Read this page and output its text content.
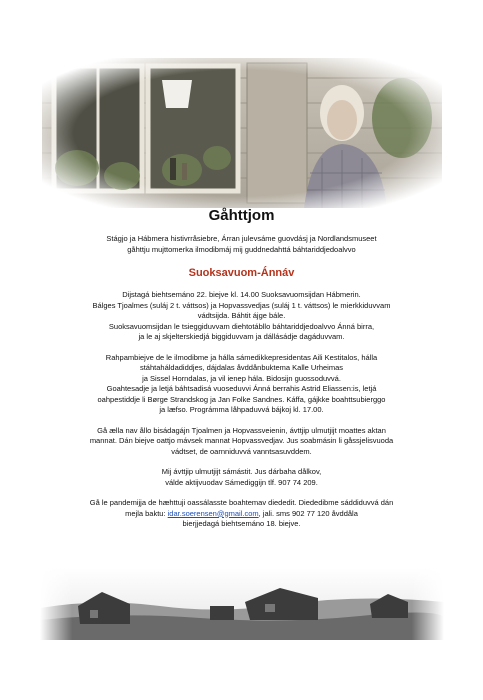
Gåhttjom

Stágjo ja Hábmera histivrråsiebre, Árran julevsáme guovdásj ja Nordlandsmuseet
gåhttju mujttomerka ilmodibmáj mij guddnedahttá báhtariddjedoalvvo

Suoksavuom-Ánnáv

Dijstagá biehtsemáno 22. biejve kl. 14.00 Suoksavuomsijdan Hábmerin.
Bálges Tjoalmes (suláj 2 t. váttsos) ja Hopvassvedjas (suláj 1 t. váttsos) le mierkkiduvvam
vádtsijda. Báhtit ájge bále.
Suoksavuomsijdan le tsieggiduvvam diehtotábllo báhtariddjedoalvvo Ánná birra,
ja le aj skjelterskiedjá biggiduvvam ja dállásádje dagáduvvam.

Rahpambiejve de le ilmodibme ja hálla sámedikkepresidentas Aili Kestitalos, hálla
stáhtaháldadiddjes, dájdalas åvddånbuktema Kalle Urheimas
ja Sissel Horndalas, ja vil ienep hála. Bidosijn guossoduvvá.
Goahtesadje ja letjá báhtsadisá vuoseduvvi Ánná berrahis Astrid Eliassen:is, letjá
oahpestiddje li Børge Strandskog ja Jan Folke Sandnes. Káffa, gájkke boahttsubierggo
ja læfso. Prográmma låhpaduvvá bájkoj kl. 17.00.

Gå ælla nav ållo bisádagájn Tjoalmen ja Hopvassveienin, ávttjip ulmutjijt moattes aktan
mannat. Dán biejve oattjo mávsek mannat Hopvassvedjav. Jus soabmásin li gåssjelisvuoda
vádtset, de oarnniduvvá vanntsasuvddem.

Mij ávttjip ulmutjijt sámástit. Jus dárbaha dålkov,
válde aktijvuodav Sámediggijn tlf. 907 74 209.

Gå le pandemijja de hæhttuji oassálasste boahtemav diededit. Diededibme sáddiduvvá dán
mejla baktu: idar.soerensen@gmail.com, jali. sms 902 77 120 åvddåla
bierjjedagá biehtsemáno 18. biejve.
